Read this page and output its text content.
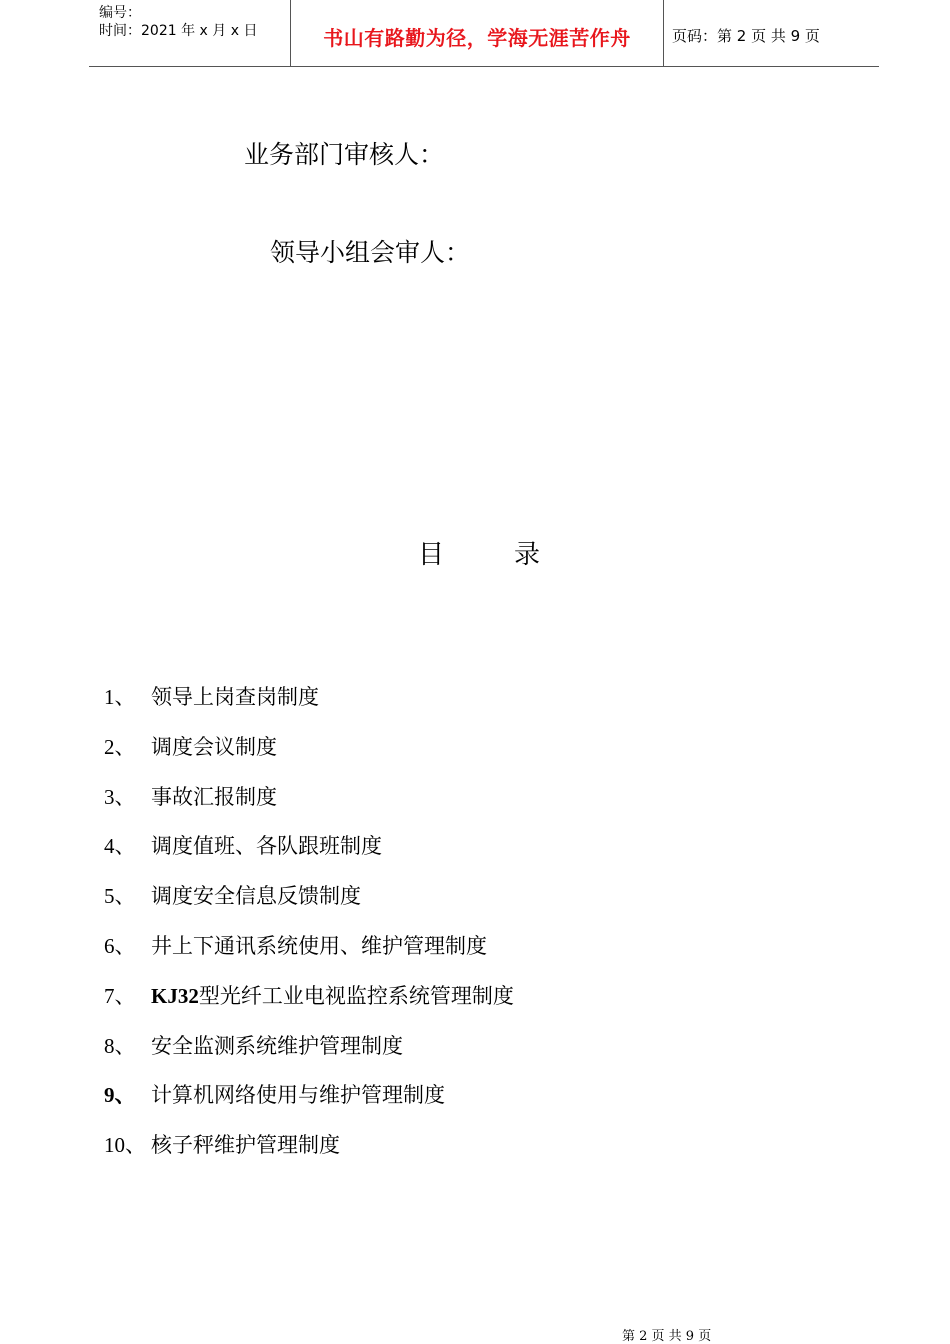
编号：
时间：2021 年 x 月 x 日	书山有路勤为径，学海无涯苦作舟	页码：第 2 页 共 9 页
业务部门审核人：
领导小组会审人：
目	录
1、 领导上岗查岗制度
2、 调度会议制度
3、 事故汇报制度
4、 调度值班、各队跟班制度
5、 调度安全信息反馈制度
6、 井上下通讯系统使用、维护管理制度
7、 KJ32 型光纤工业电视监控系统管理制度
8、 安全监测系统维护管理制度
9、 计算机网络使用与维护管理制度
10、 核子秤维护管理制度
第 2 页 共 9 页
